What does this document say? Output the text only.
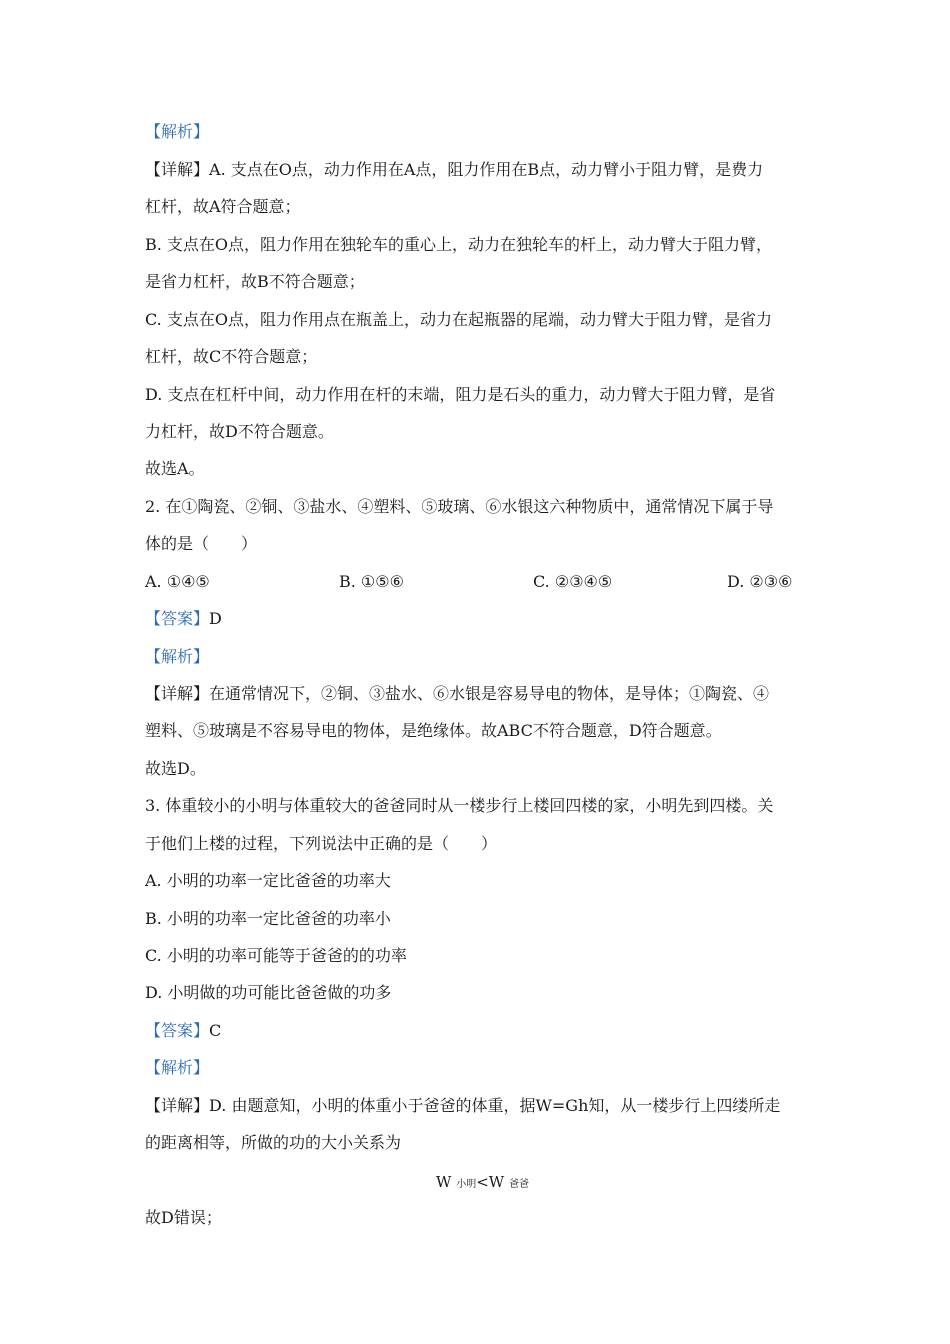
【解析】
【详解】A. 支点在O点，动力作用在A点，阻力作用在B点，动力臂小于阻力臂，是费力
杠杆，故A符合题意；
B. 支点在O点，阻力作用在独轮车的重心上，动力在独轮车的杆上，动力臂大于阻力臂，
是省力杠杆，故B不符合题意；
C. 支点在O点，阻力作用点在瓶盖上，动力在起瓶器的尾端，动力臂大于阻力臂，是省力
杠杆，故C不符合题意；
D. 支点在杠杆中间，动力作用在杆的末端，阻力是石头的重力，动力臂大于阻力臂，是省
力杠杆，故D不符合题意。
故选A。
2. 在①陶瓷、②铜、③盐水、④塑料、⑤玻璃、⑥水银这六种物质中，通常情况下属于导
体的是（　　）
A. ①④⑤	B. ①⑤⑥	C. ②③④⑤	D. ②③⑥
【答案】D
【解析】
【详解】在通常情况下，②铜、③盐水、⑥水银是容易导电的物体，是导体；①陶瓷、④
塑料、⑤玻璃是不容易导电的物体，是绝缘体。故ABC不符合题意，D符合题意。
故选D。
3. 体重较小的小明与体重较大的爸爸同时从一楼步行上楼回四楼的家，小明先到四楼。关
于他们上楼的过程，下列说法中正确的是（　　）
A. 小明的功率一定比爸爸的功率大
B. 小明的功率一定比爸爸的功率小
C. 小明的功率可能等于爸爸的的功率
D. 小明做的功可能比爸爸做的功多
【答案】C
【解析】
【详解】D. 由题意知，小明的体重小于爸爸的体重，据W=Gh知，从一楼步行上四缕所走
的距离相等，所做的功的大小关系为
W 小明<W 爸爸
故D错误；
